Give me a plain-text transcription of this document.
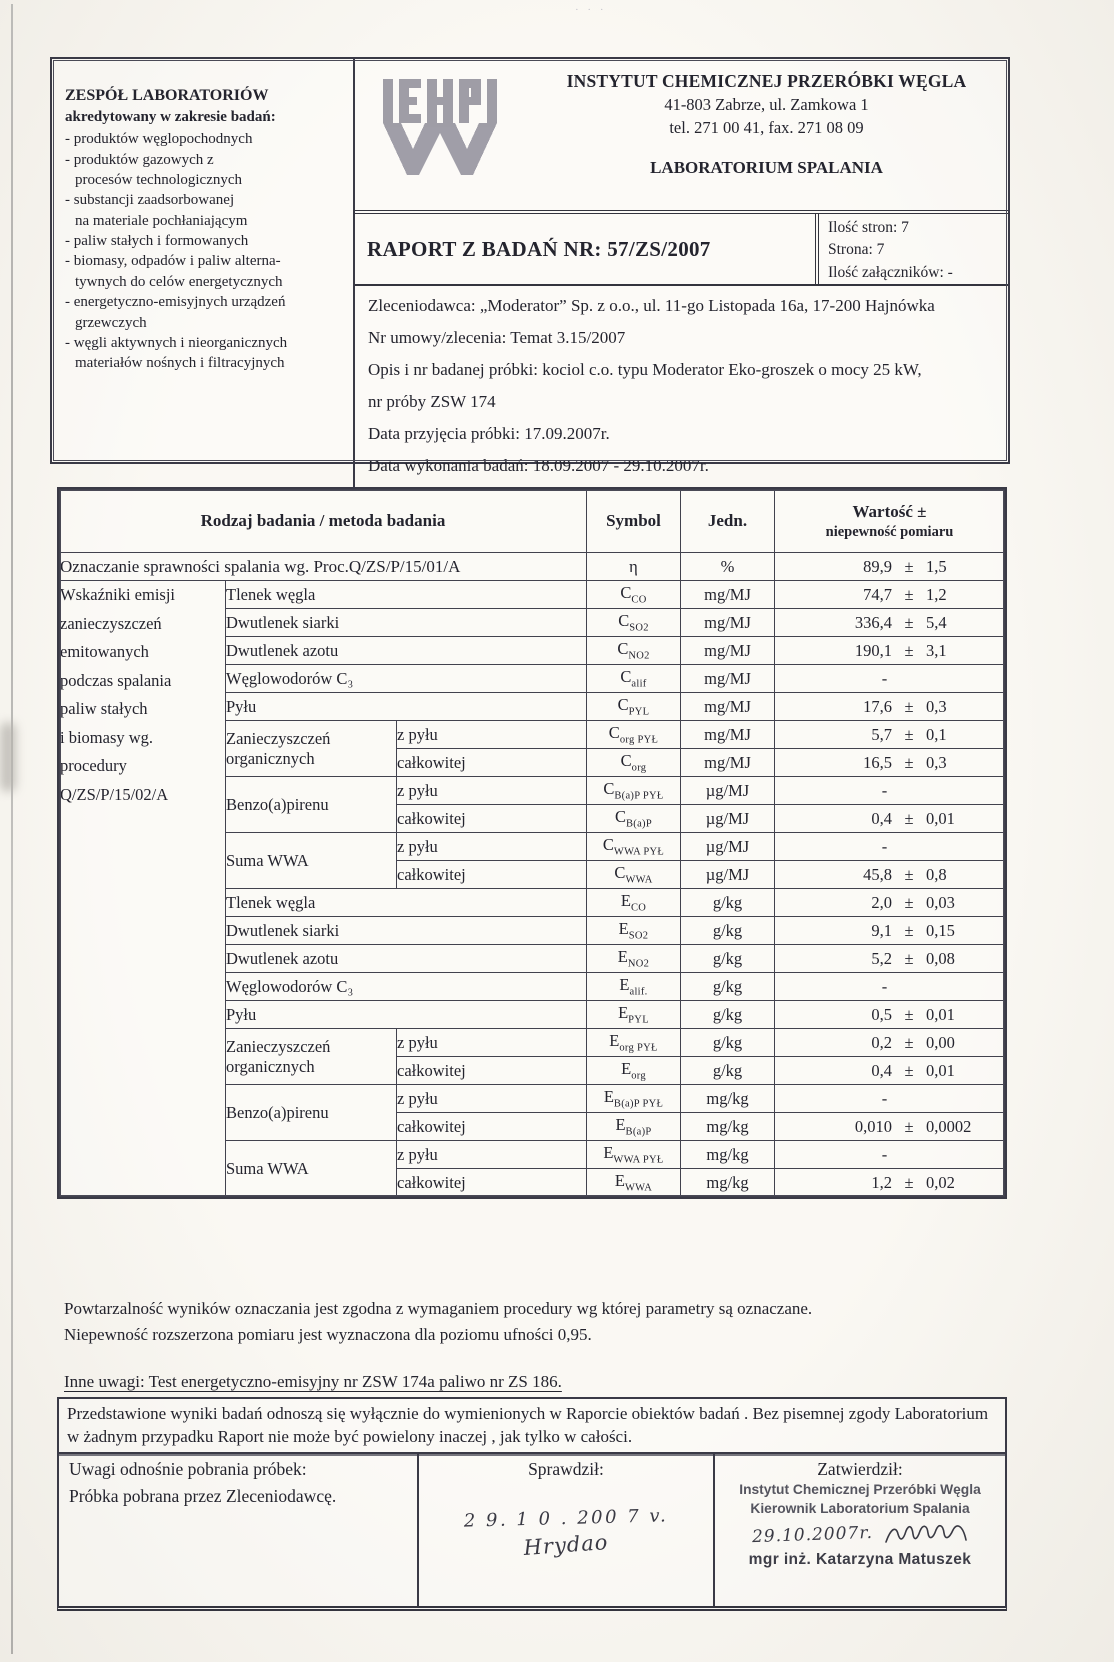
· · ·
ZESPÓŁ LABORATORIÓW
akredytowany w zakresie badań:
- produktów węglopochodnych
- produktów gazowych z
procesów technologicznych
- substancji zaadsorbowanej
na materiale pochłaniającym
- paliw stałych i formowanych
- biomasy, odpadów i paliw alterna-
tywnych do celów energetycznych
- energetyczno-emisyjnych urządzeń
grzewczych
- węgli aktywnych i nieorganicznych
materiałów nośnych i filtracyjnych
INSTYTUT CHEMICZNEJ PRZERÓBKI WĘGLA
41-803 Zabrze, ul. Zamkowa 1
tel. 271 00 41, fax. 271 08 09
LABORATORIUM SPALANIA
RAPORT Z BADAŃ NR: 57/ZS/2007
Ilość stron: 7
Strona: 7
Ilość załączników: -
Zleceniodawca: „Moderator” Sp. z o.o., ul. 11-go Listopada 16a, 17-200 Hajnówka
Nr umowy/zlecenia: Temat 3.15/2007
Opis i nr badanej próbki: kociol c.o. typu Moderator Eko-groszek o mocy 25 kW,
nr próby ZSW 174
Data przyjęcia próbki: 17.09.2007r.
Data wykonania badań: 18.09.2007 - 29.10.2007r.
Rodzaj badania / metoda badania			Symbol	Jedn.	Wartość ±
niepewność pomiaru

Oznaczanie sprawności spalania wg. Proc.Q/ZS/P/15/01/A			η	%	89,9 ± 1,5

Wskaźniki emisji
zanieczyszczeń
emitowanych
podczas spalania
paliw stałych
i biomasy wg.
procedury
Q/ZS/P/15/02/A
	Tlenek węgla	$C_{CO}$	mg/MJ	74,7 ± 1,2
	Dwutlenek siarki		$C_{SO2}$	mg/MJ	336,4 ± 5,4
	Dwutlenek azotu		$C_{NO2}$	mg/MJ	190,1 ± 3,1
	Węglowodorów C₃		$C_{alif}$	mg/MJ	-

	Pyłu		$C_{PYL}$	mg/MJ	17,6 ± 0,3
	Zanieczyszczeń organicznych	z pyłu	$C_{org PYŁ}$	mg/MJ	5,7 ± 0,1
		całkowitej	$C_{org}$	mg/MJ	16,5 ± 0,3
	Benzo(a)pirenu	z pyłu	$C_{B(a)P PYŁ}$	µg/MJ	-

		całkowitej	$C_{B(a)P}$	µg/MJ	0,4 ± 0,01
	Suma WWA	z pyłu	$C_{WWA PYŁ}$	µg/MJ	-

		całkowitej	$C_{WWA}$	µg/MJ	45,8 ± 0,8
	Tlenek węgla		$E_{CO}$	g/kg	2,0 ± 0,03
	Dwutlenek siarki		$E_{SO2}$	g/kg	9,1 ± 0,15
	Dwutlenek azotu		$E_{NO2}$	g/kg	5,2 ± 0,08
	Węglowodorów C₃		$E_{alif.}$	g/kg	-

	Pyłu		$E_{PYL}$	g/kg	0,5 ± 0,01
	Zanieczyszczeń organicznych	z pyłu	$E_{org PYŁ}$	g/kg	0,2 ± 0,00
		całkowitej	$E_{org}$	g/kg	0,4 ± 0,01
	Benzo(a)pirenu	z pyłu	$E_{B(a)P PYŁ}$	mg/kg	-

		całkowitej	$E_{B(a)P}$	mg/kg	0,010 ± 0,0002
	Suma WWA	z pyłu	$E_{WWA PYŁ}$	mg/kg	-

		całkowitej	$E_{WWA}$	mg/kg	1,2 ± 0,02
Powtarzalność wyników oznaczania jest zgodna z wymaganiem procedury wg której parametry są oznaczane.
Niepewność rozszerzona pomiaru jest wyznaczona dla poziomu ufności 0,95.
Inne uwagi: Test energetyczno-emisyjny nr ZSW 174a paliwo nr ZS 186.
Przedstawione wyniki badań odnoszą się wyłącznie do wymienionych w Raporcie obiektów badań . Bez pisemnej zgody Laboratorium w żadnym przypadku Raport nie może być powielony inaczej , jak tylko w całości.
Uwagi odnośnie pobrania próbek:
Próbka pobrana przez Zleceniodawcę.
Sprawdził:
2 9. 1 0 . 200 7 v.
Hrydao
Zatwierdził:
Instytut Chemicznej Przeróbki Węgla
Kierownik Laboratorium Spalania
29.10.2007r.
mgr inż. Katarzyna Matuszek
